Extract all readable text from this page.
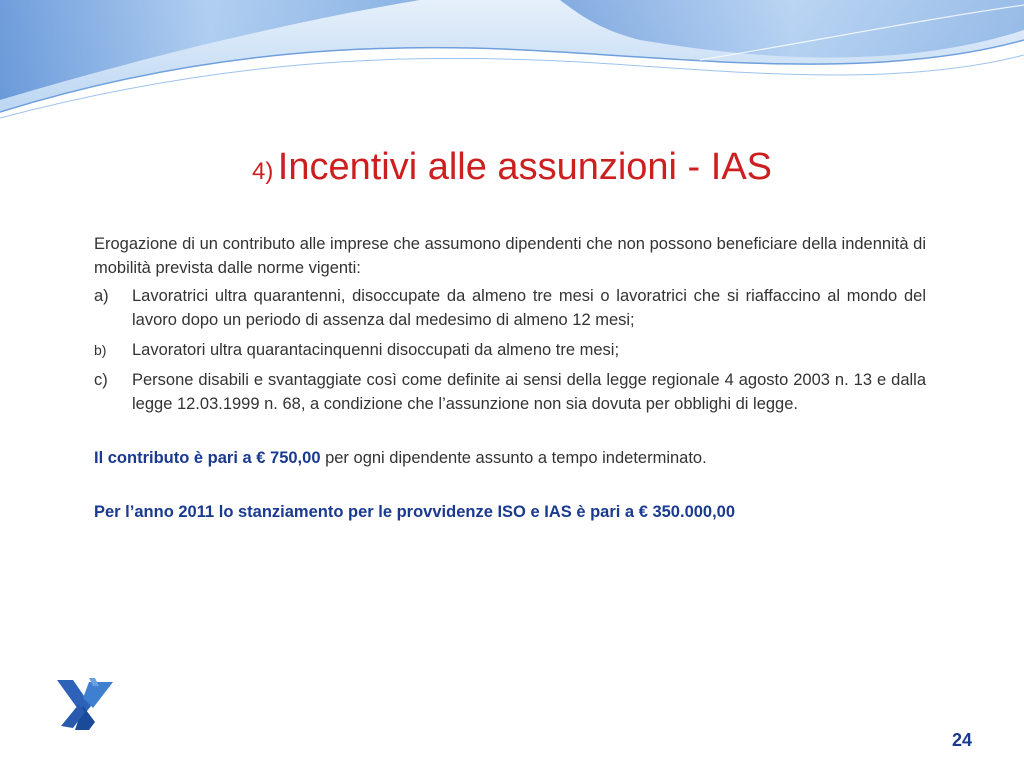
4) Incentivi alle assunzioni - IAS

Erogazione di un contributo alle imprese che assumono dipendenti che non possono beneficiare della indennità di mobilità prevista dalle norme vigenti:

a) Lavoratrici ultra quarantenni, disoccupate da almeno tre mesi o lavoratrici che si riaffaccino al mondo del lavoro dopo un periodo di assenza dal medesimo di almeno 12 mesi;
b) Lavoratori ultra quarantacinquenni disoccupati da almeno tre mesi;
c) Persone disabili e svantaggiate così come definite ai sensi della legge regionale 4 agosto 2003 n. 13 e dalla legge 12.03.1999 n. 68, a condizione che l’assunzione non sia dovuta per obblighi di legge.

Il contributo è pari a € 750,00 per ogni dipendente assunto a tempo indeterminato.

Per l’anno 2011 lo stanziamento per le provvidenze ISO e IAS è pari a € 350.000,00

24
